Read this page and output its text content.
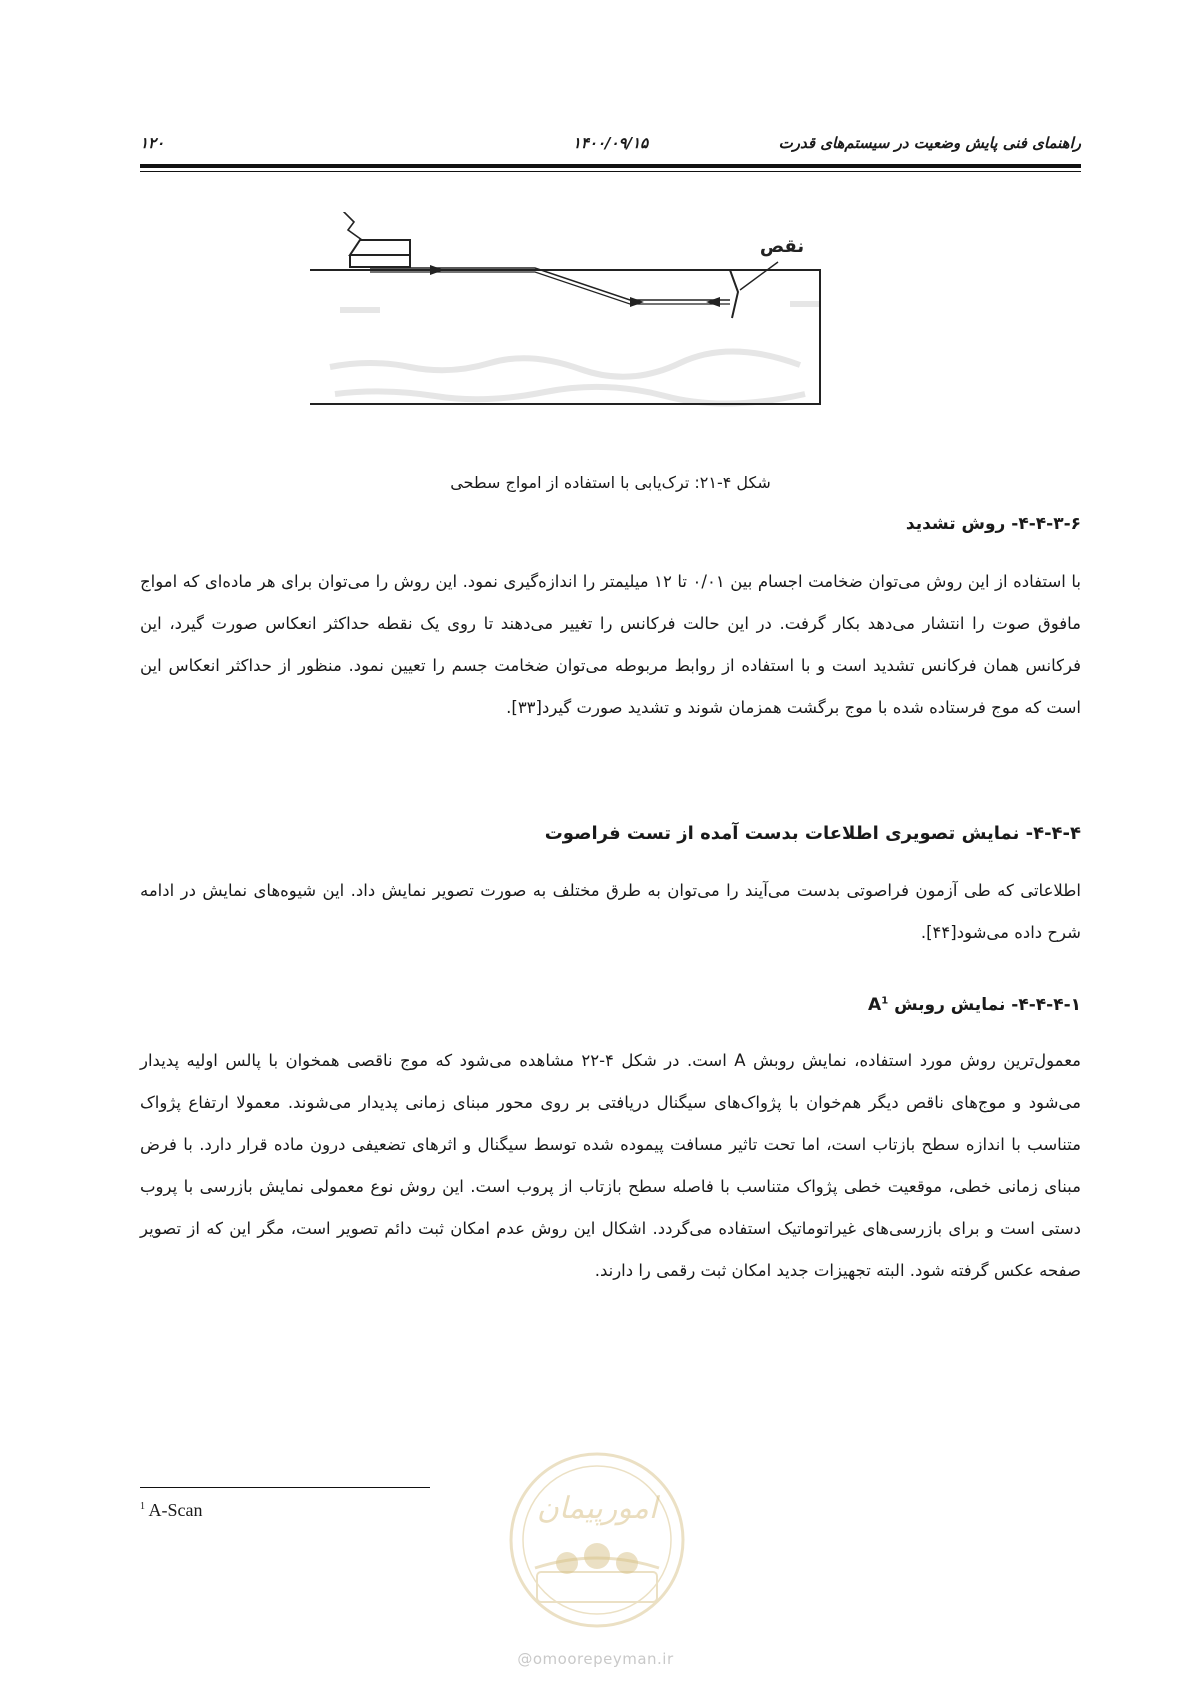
راهنمای فنی پایش وضعیت در سیستم‌های قدرت
۱۴۰۰/۰۹/۱۵
۱۲۰
نقص
شکل ۴-۲۱: ترک‌یابی با استفاده از امواج سطحی
۴-۴-۳-۶- روش تشدید
با استفاده از این روش می‌توان ضخامت اجسام بین ۰/۰۱ تا ۱۲ میلیمتر را اندازه‌گیری نمود. این روش را می‌توان برای هر ماده‌ای که امواج مافوق صوت را انتشار می‌دهد بکار گرفت. در این حالت فرکانس را تغییر می‌دهند تا روی یک نقطه حداکثر انعکاس صورت گیرد، این فرکانس همان فرکانس تشدید است و با استفاده از روابط مربوطه می‌توان ضخامت جسم را تعیین نمود. منظور از حداکثر انعکاس این است که موج فرستاده شده با موج برگشت همزمان شوند و تشدید صورت گیرد[۳۳].
۴-۴-۴- نمایش تصویری اطلاعات بدست آمده از تست فراصوت
اطلاعاتی که طی آزمون فراصوتی بدست می‌آیند را می‌توان به طرق مختلف به صورت تصویر نمایش داد. این شیوه‌های نمایش در ادامه شرح داده می‌شود[۴۴].
۴-۴-۴-۱- نمایش روبش $A^1$
معمول‌ترین روش مورد استفاده، نمایش روبش A است. در شکل ۴-۲۲ مشاهده می‌شود که موج ناقصی همخوان با پالس اولیه پدیدار می‌شود و موج‌های ناقص دیگر هم‌خوان با پژواک‌های سیگنال دریافتی بر روی محور مبنای زمانی پدیدار می‌شوند. معمولا ارتفاع پژواک متناسب با اندازه سطح بازتاب است، اما تحت تاثیر مسافت پیموده شده توسط سیگنال و اثرهای تضعیفی درون ماده قرار دارد. با فرض مبنای زمانی خطی، موقعیت خطی پژواک متناسب با فاصله سطح بازتاب از پروب است. این روش نوع معمولی نمایش بازرسی با پروب دستی است و برای بازرسی‌های غیراتوماتیک استفاده می‌گردد. اشکال این روش عدم امکان ثبت دائم تصویر است، مگر این که از تصویر صفحه عکس گرفته شود. البته تجهیزات جدید امکان ثبت رقمی را دارند.
$^1$ A-Scan	امورپیمان
@omoorepeyman.ir
